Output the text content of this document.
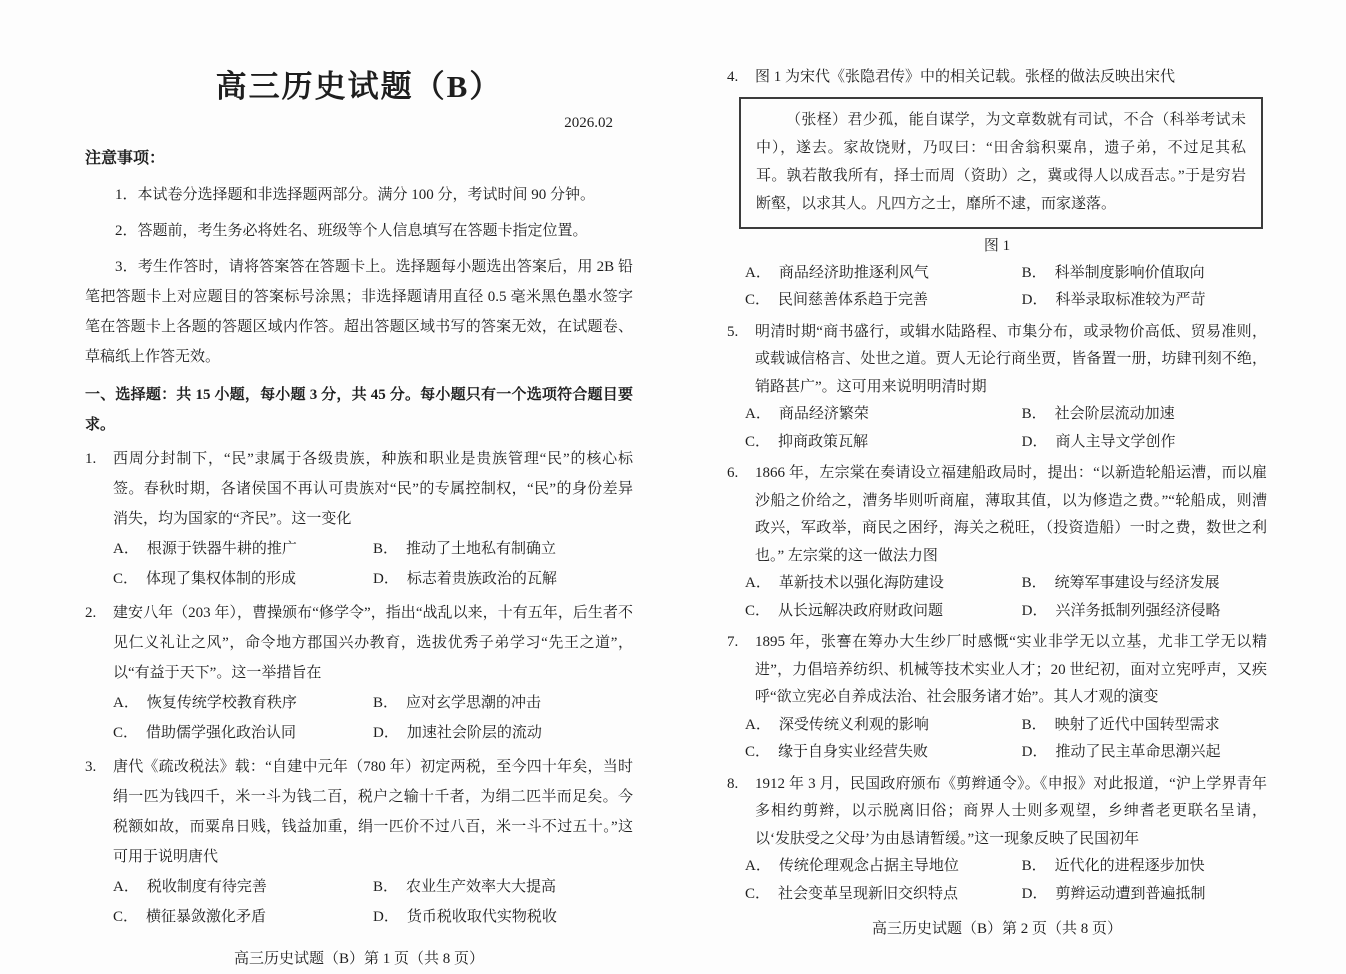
高三历史试题（B）
2026.02
注意事项：

1．本试卷分选择题和非选择题两部分。满分 100 分，考试时间 90 分钟。

2．答题前，考生务必将姓名、班级等个人信息填写在答题卡指定位置。

3．考生作答时，请将答案答在答题卡上。选择题每小题选出答案后，用 2B 铅笔把答题卡上对应题目的答案标号涂黑；非选择题请用直径 0.5 毫米黑色墨水签字笔在答题卡上各题的答题区域内作答。超出答题区域书写的答案无效，在试题卷、草稿纸上作答无效。

一、选择题：共 15 小题，每小题 3 分，共 45 分。每小题只有一个选项符合题目要求。
1.	西周分封制下，“民”隶属于各级贵族，种族和职业是贵族管理“民”的核心标签。春秋时期，各诸侯国不再认可贵族对“民”的专属控制权，“民”的身份差异消失，均为国家的“齐民”。这一变化

A． 根源于铁器牛耕的推广	B． 推动了土地私有制确立
C． 体现了集权体制的形成	D． 标志着贵族政治的瓦解
2.	建安八年（203 年），曹操颁布“修学令”，指出“战乱以来，十有五年，后生者不见仁义礼让之风”，命令地方郡国兴办教育，选拔优秀子弟学习“先王之道”，以“有益于天下”。这一举措旨在

A． 恢复传统学校教育秩序	B． 应对玄学思潮的冲击
C． 借助儒学强化政治认同	D． 加速社会阶层的流动
3.	唐代《疏改税法》载：“自建中元年（780 年）初定两税，至今四十年矣，当时绢一匹为钱四千，米一斗为钱二百，税户之输十千者，为绢二匹半而足矣。今税额如故，而粟帛日贱，钱益加重，绢一匹价不过八百，米一斗不过五十。”这可用于说明唐代

A． 税收制度有待完善	B． 农业生产效率大大提高
C． 横征暴敛激化矛盾	D． 货币税收取代实物税收
高三历史试题（B）第 1 页（共 8 页）
4.	图 1 为宋代《张隐君传》中的相关记载。张柽的做法反映出宋代

（张柽）君少孤，能自谋学，为文章数就有司试，不合（科举考试未中），遂去。家故饶财，乃叹曰：“田舍翁积粟帛，遗子弟，不过足其私耳。孰若散我所有，择士而周（资助）之，冀或得人以成吾志。”于是穷岩断壑，以求其人。凡四方之士，靡所不逮，而家遂落。

图 1
A． 商品经济助推逐利风气	B． 科举制度影响价值取向
C． 民间慈善体系趋于完善	D． 科举录取标准较为严苛
5.	明清时期“商书盛行，或辑水陆路程、市集分布，或录物价高低、贸易准则，或载诚信格言、处世之道。贾人无论行商坐贾，皆备置一册，坊肆刊刻不绝，销路甚广”。这可用来说明明清时期

A． 商品经济繁荣	B． 社会阶层流动加速
C． 抑商政策瓦解	D． 商人主导文学创作
6.	1866 年，左宗棠在奏请设立福建船政局时，提出：“以新造轮船运漕，而以雇沙船之价给之，漕务毕则听商雇，薄取其值，以为修造之费。”“轮船成，则漕政兴，军政举，商民之困纾，海关之税旺，（投资造船）一时之费，数世之利也。” 左宗棠的这一做法力图

A． 革新技术以强化海防建设	B． 统筹军事建设与经济发展
C． 从长远解决政府财政问题	D． 兴洋务抵制列强经济侵略
7.	1895 年，张謇在筹办大生纱厂时感慨“实业非学无以立基，尤非工学无以精进”，力倡培养纺织、机械等技术实业人才；20 世纪初，面对立宪呼声，又疾呼“欲立宪必自养成法治、社会服务诸才始”。其人才观的演变

A． 深受传统义利观的影响	B． 映射了近代中国转型需求
C． 缘于自身实业经营失败	D． 推动了民主革命思潮兴起
8.	1912 年 3 月，民国政府颁布《剪辫通令》。《申报》对此报道，“沪上学界青年多相约剪辫，以示脱离旧俗；商界人士则多观望，乡绅耆老更联名呈请，以‘发肤受之父母’为由恳请暂缓。”这一现象反映了民国初年

A． 传统伦理观念占据主导地位	B． 近代化的进程逐步加快
C． 社会变革呈现新旧交织特点	D． 剪辫运动遭到普遍抵制
高三历史试题（B）第 2 页（共 8 页）
